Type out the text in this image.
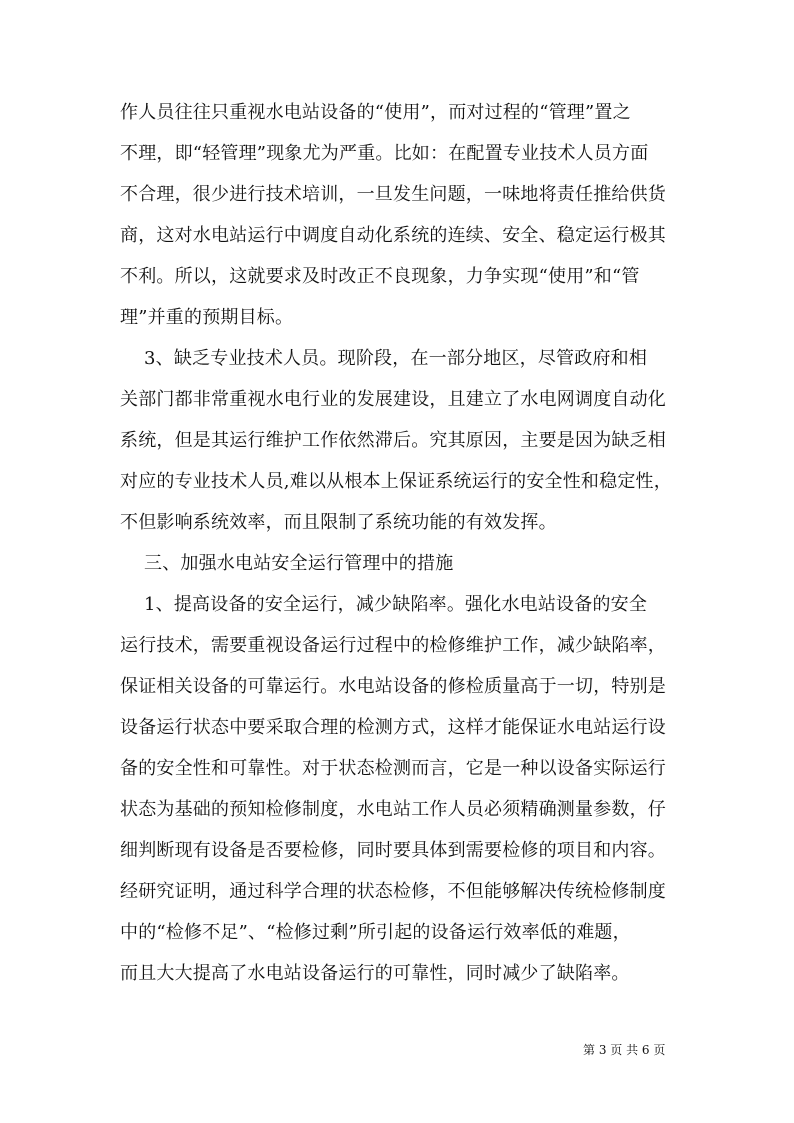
作人员往往只重视水电站设备的“使用”，而对过程的“管理”置之
不理，即“轻管理”现象尤为严重。比如：在配置专业技术人员方面
不合理，很少进行技术培训，一旦发生问题，一味地将责任推给供货
商，这对水电站运行中调度自动化系统的连续、安全、稳定运行极其
不利。所以，这就要求及时改正不良现象，力争实现“使用”和“管
理”并重的预期目标。
3、缺乏专业技术人员。现阶段，在一部分地区，尽管政府和相
关部门都非常重视水电行业的发展建设，且建立了水电网调度自动化
系统，但是其运行维护工作依然滞后。究其原因，主要是因为缺乏相
对应的专业技术人员,难以从根本上保证系统运行的安全性和稳定性，
不但影响系统效率，而且限制了系统功能的有效发挥。
三、加强水电站安全运行管理中的措施
1、提高设备的安全运行，减少缺陷率。强化水电站设备的安全
运行技术，需要重视设备运行过程中的检修维护工作，减少缺陷率，
保证相关设备的可靠运行。水电站设备的修检质量高于一切，特别是
设备运行状态中要采取合理的检测方式，这样才能保证水电站运行设
备的安全性和可靠性。对于状态检测而言，它是一种以设备实际运行
状态为基础的预知检修制度，水电站工作人员必须精确测量参数，仔
细判断现有设备是否要检修，同时要具体到需要检修的项目和内容。
经研究证明，通过科学合理的状态检修，不但能够解决传统检修制度
中的“检修不足”、“检修过剩”所引起的设备运行效率低的难题，
而且大大提高了水电站设备运行的可靠性，同时减少了缺陷率。
第 3 页 共 6 页
